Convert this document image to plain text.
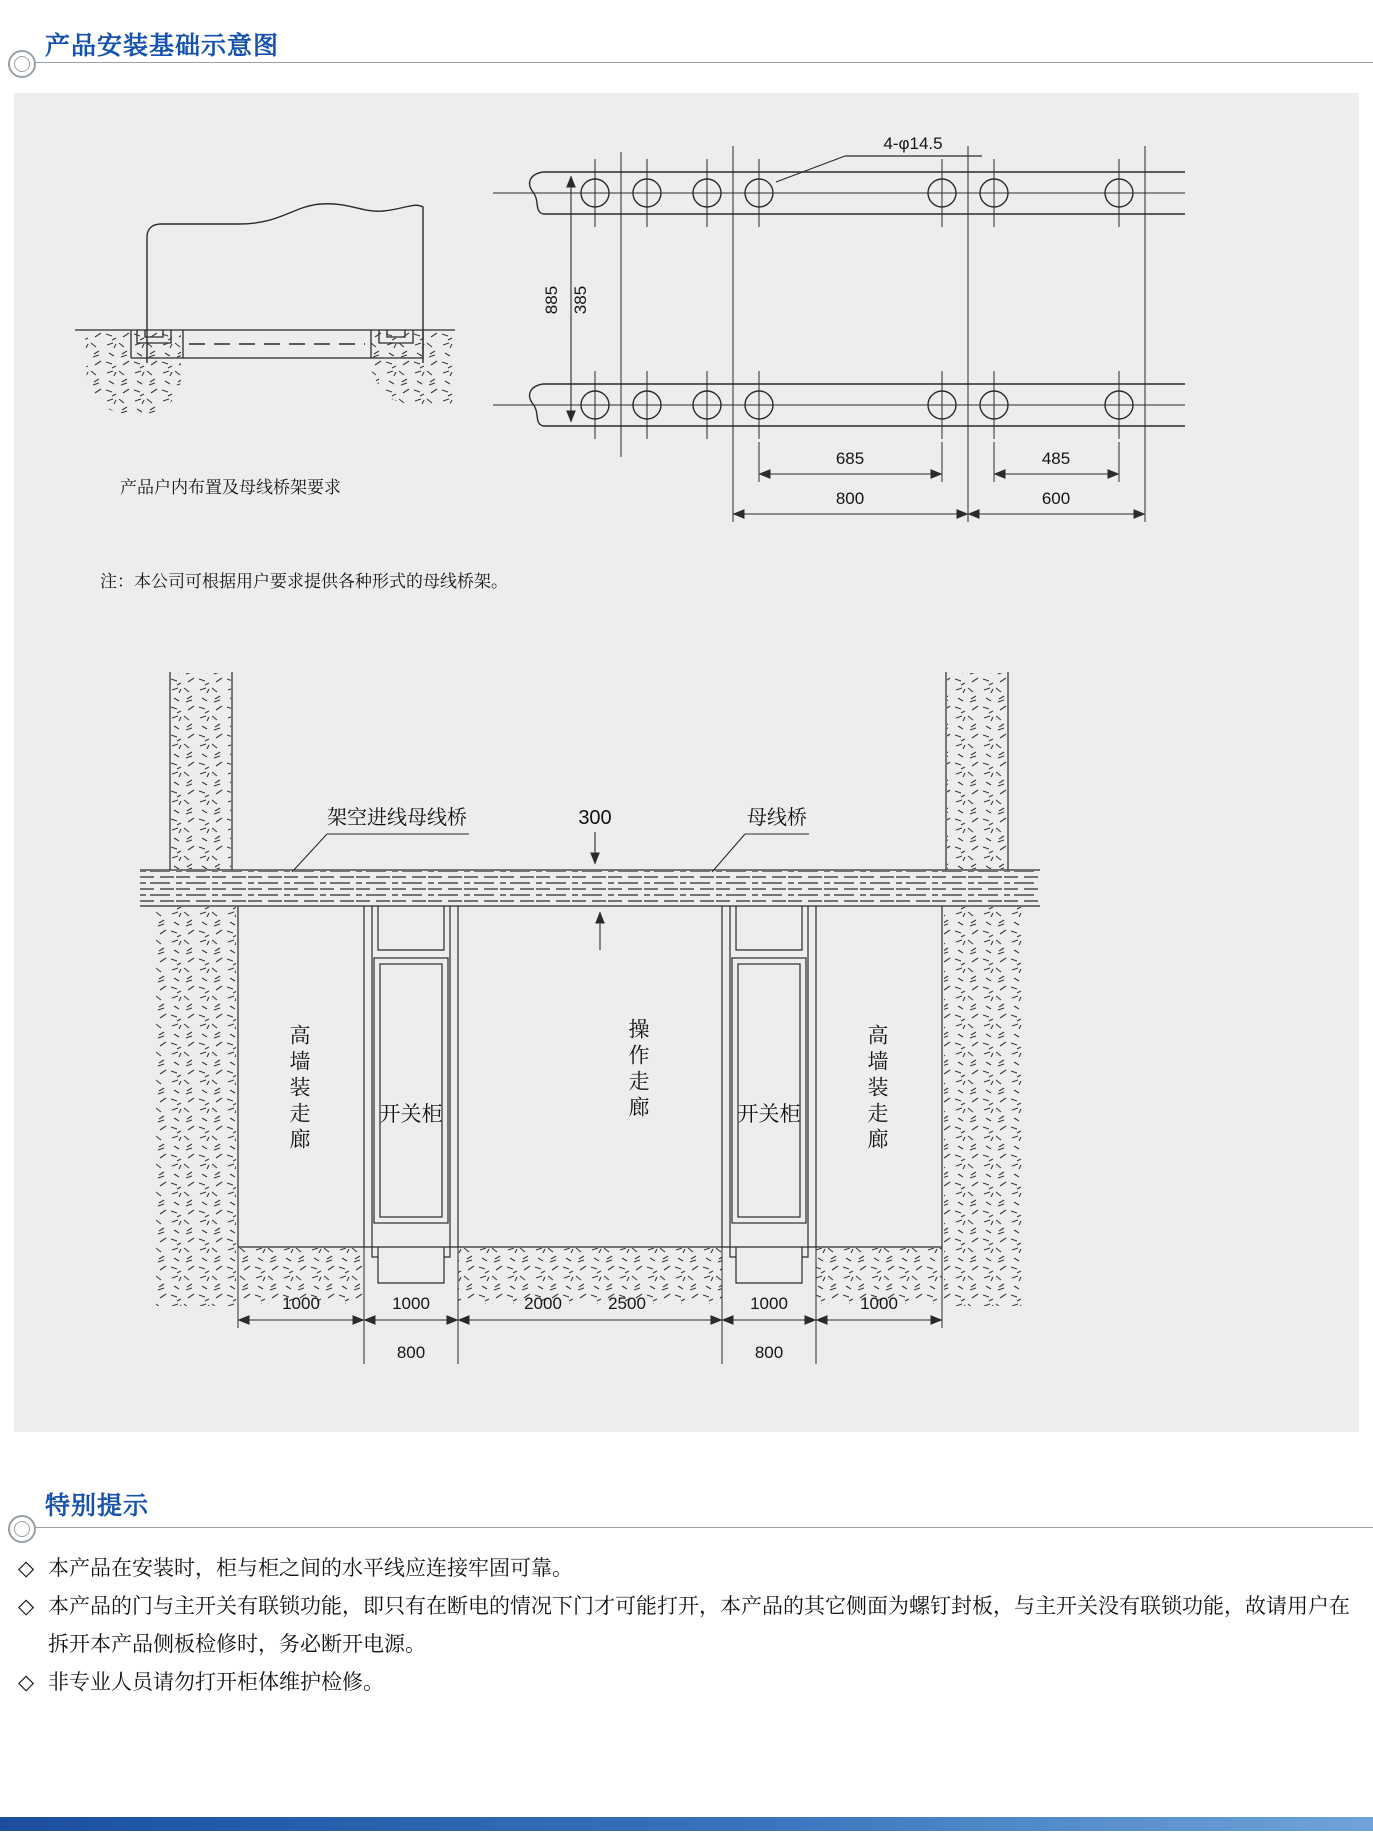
产品安装基础示意图
4-φ14.5
885 385
685
800
485
600
产品户内布置及母线桥架要求
注：本公司可根据用户要求提供各种形式的母线桥架。
架空进线母线桥	母线桥
300
1000	1000	2000	2500	1000	1000
800	800
高墙装走廊	操作走廊	高墙装走廊
开关柜	开关柜
特别提示
◇ 本产品在安装时，柜与柜之间的水平线应连接牢固可靠。
◇ 本产品的门与主开关有联锁功能，即只有在断电的情况下门才可能打开，本产品的其它侧面为螺钉封板，与主开关没有联锁功能，故请用户在拆开本产品侧板检修时，务必断开电源。
◇ 非专业人员请勿打开柜体维护检修。
